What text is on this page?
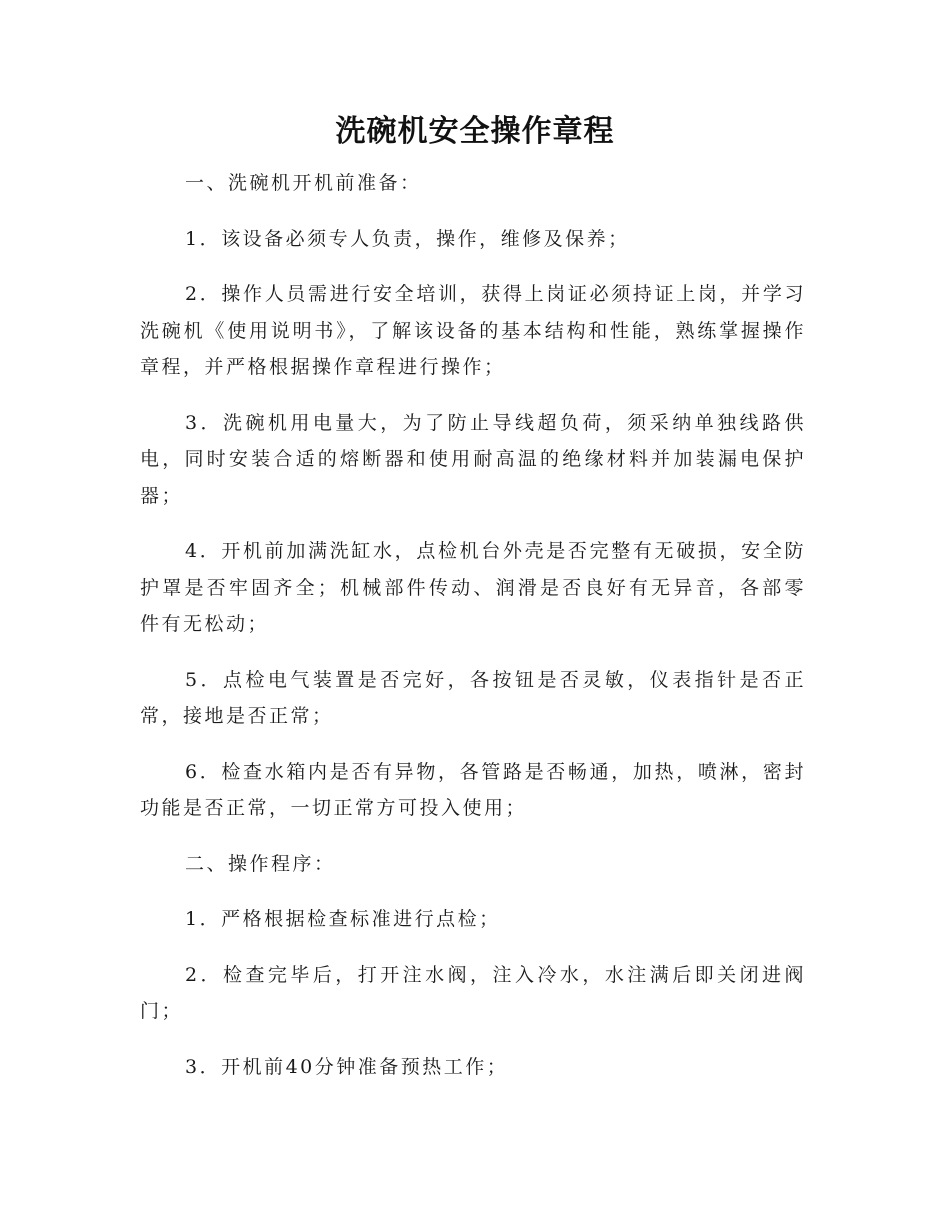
洗碗机安全操作章程

一、洗碗机开机前准备：

1．该设备必须专人负责，操作，维修及保养；

2．操作人员需进行安全培训，获得上岗证必须持证上岗，并学习洗碗机《使用说明书》，了解该设备的基本结构和性能，熟练掌握操作章程，并严格根据操作章程进行操作；

3．洗碗机用电量大，为了防止导线超负荷，须采纳单独线路供电，同时安装合适的熔断器和使用耐高温的绝缘材料并加装漏电保护器；

4．开机前加满洗缸水，点检机台外壳是否完整有无破损，安全防护罩是否牢固齐全；机械部件传动、润滑是否良好有无异音，各部零件有无松动；

5．点检电气装置是否完好，各按钮是否灵敏，仪表指针是否正常，接地是否正常；

6．检查水箱内是否有异物，各管路是否畅通，加热，喷淋，密封功能是否正常，一切正常方可投入使用；

二、操作程序：

1．严格根据检查标准进行点检；

2．检查完毕后，打开注水阀，注入冷水，水注满后即关闭进阀门；

3．开机前40分钟准备预热工作；
